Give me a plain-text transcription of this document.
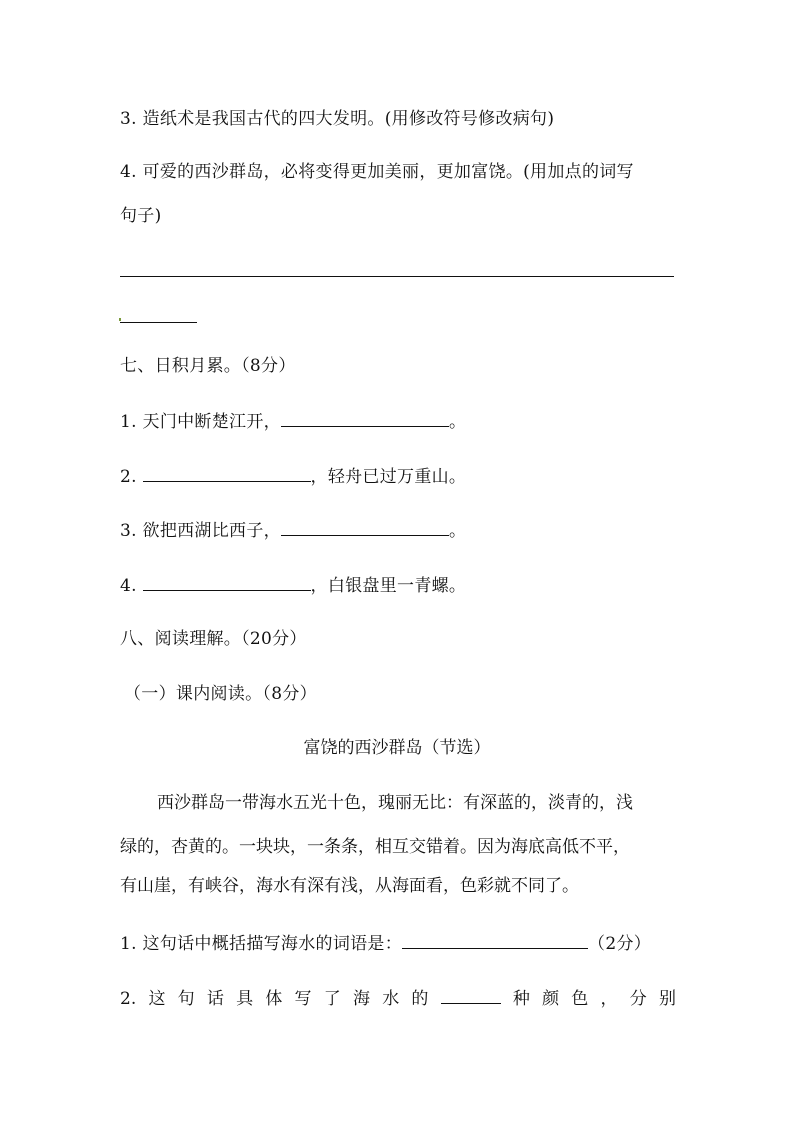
3. 造纸术是我国古代的四大发明。(用修改符号修改病句)
4. 可爱的西沙群岛，必将变得更加美丽，更加富饶。(用加点的词写
句子)
七、日积月累。（8分）
1. 天门中断楚江开，	。
2.	，轻舟已过万重山。
3. 欲把西湖比西子，	。
4.	，白银盘里一青螺。
八、阅读理解。（20分）
（一）课内阅读。（8分）
富饶的西沙群岛（节选）
西沙群岛一带海水五光十色，瑰丽无比：有深蓝的，淡青的，浅
绿的，杏黄的。一块块，一条条，相互交错着。因为海底高低不平，
有山崖，有峡谷，海水有深有浅，从海面看，色彩就不同了。
1. 这句话中概括描写海水的词语是：	（2分）
2. 这 句 话 具 体 写 了 海 水 的	种 颜 色 ， 分 别
